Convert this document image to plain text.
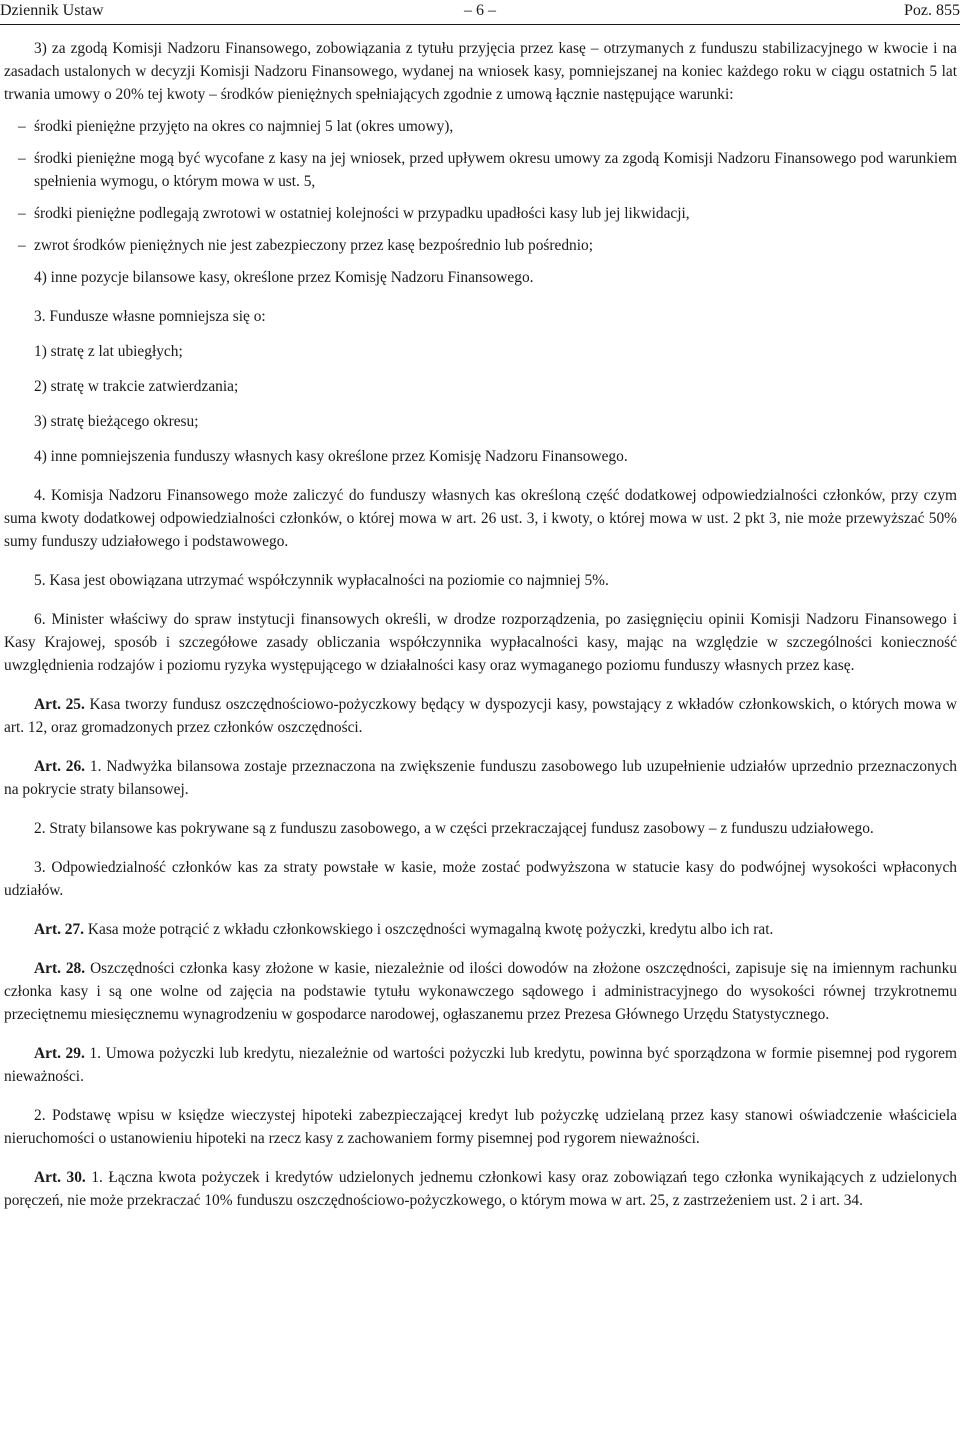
– 6 –
Dziennik Ustaw	Poz. 855

3) za zgodą Komisji Nadzoru Finansowego, zobowiązania z tytułu przyjęcia przez kasę – otrzymanych z funduszu stabilizacyjnego w kwocie i na zasadach ustalonych w decyzji Komisji Nadzoru Finansowego, wydanej na wniosek kasy, pomniejszanej na koniec każdego roku w ciągu ostatnich 5 lat trwania umowy o 20% tej kwoty – środków pieniężnych spełniających zgodnie z umową łącznie następujące warunki:

– środki pieniężne przyjęto na okres co najmniej 5 lat (okres umowy),

– środki pieniężne mogą być wycofane z kasy na jej wniosek, przed upływem okresu umowy za zgodą Komisji Nadzoru Finansowego pod warunkiem spełnienia wymogu, o którym mowa w ust. 5,

– środki pieniężne podlegają zwrotowi w ostatniej kolejności w przypadku upadłości kasy lub jej likwidacji,

– zwrot środków pieniężnych nie jest zabezpieczony przez kasę bezpośrednio lub pośrednio;

4) inne pozycje bilansowe kasy, określone przez Komisję Nadzoru Finansowego.

3. Fundusze własne pomniejsza się o:

1) stratę z lat ubiegłych;

2) stratę w trakcie zatwierdzania;

3) stratę bieżącego okresu;

4) inne pomniejszenia funduszy własnych kasy określone przez Komisję Nadzoru Finansowego.

4. Komisja Nadzoru Finansowego może zaliczyć do funduszy własnych kas określoną część dodatkowej odpowiedzialności członków, przy czym suma kwoty dodatkowej odpowiedzialności członków, o której mowa w art. 26 ust. 3, i kwoty, o której mowa w ust. 2 pkt 3, nie może przewyższać 50% sumy funduszy udziałowego i podstawowego.

5. Kasa jest obowiązana utrzymać współczynnik wypłacalności na poziomie co najmniej 5%.

6. Minister właściwy do spraw instytucji finansowych określi, w drodze rozporządzenia, po zasięgnięciu opinii Komisji Nadzoru Finansowego i Kasy Krajowej, sposób i szczegółowe zasady obliczania współczynnika wypłacalności kasy, mając na względzie w szczególności konieczność uwzględnienia rodzajów i poziomu ryzyka występującego w działalności kasy oraz wymaganego poziomu funduszy własnych przez kasę.

Art. 25. Kasa tworzy fundusz oszczędnościowo-pożyczkowy będący w dyspozycji kasy, powstający z wkładów członkowskich, o których mowa w art. 12, oraz gromadzonych przez członków oszczędności.

Art. 26. 1. Nadwyżka bilansowa zostaje przeznaczona na zwiększenie funduszu zasobowego lub uzupełnienie udziałów uprzednio przeznaczonych na pokrycie straty bilansowej.

2. Straty bilansowe kas pokrywane są z funduszu zasobowego, a w części przekraczającej fundusz zasobowy – z funduszu udziałowego.

3. Odpowiedzialność członków kas za straty powstałe w kasie, może zostać podwyższona w statucie kasy do podwójnej wysokości wpłaconych udziałów.

Art. 27. Kasa może potrącić z wkładu członkowskiego i oszczędności wymagalną kwotę pożyczki, kredytu albo ich rat.

Art. 28. Oszczędności członka kasy złożone w kasie, niezależnie od ilości dowodów na złożone oszczędności, zapisuje się na imiennym rachunku członka kasy i są one wolne od zajęcia na podstawie tytułu wykonawczego sądowego i administracyjnego do wysokości równej trzykrotnemu przeciętnemu miesięcznemu wynagrodzeniu w gospodarce narodowej, ogłaszanemu przez Prezesa Głównego Urzędu Statystycznego.

Art. 29. 1. Umowa pożyczki lub kredytu, niezależnie od wartości pożyczki lub kredytu, powinna być sporządzona w formie pisemnej pod rygorem nieważności.

2. Podstawę wpisu w księdze wieczystej hipoteki zabezpieczającej kredyt lub pożyczkę udzielaną przez kasy stanowi oświadczenie właściciela nieruchomości o ustanowieniu hipoteki na rzecz kasy z zachowaniem formy pisemnej pod rygorem nieważności.

Art. 30. 1. Łączna kwota pożyczek i kredytów udzielonych jednemu członkowi kasy oraz zobowiązań tego członka wynikających z udzielonych poręczeń, nie może przekraczać 10% funduszu oszczędnościowo-pożyczkowego, o którym mowa w art. 25, z zastrzeżeniem ust. 2 i art. 34.
